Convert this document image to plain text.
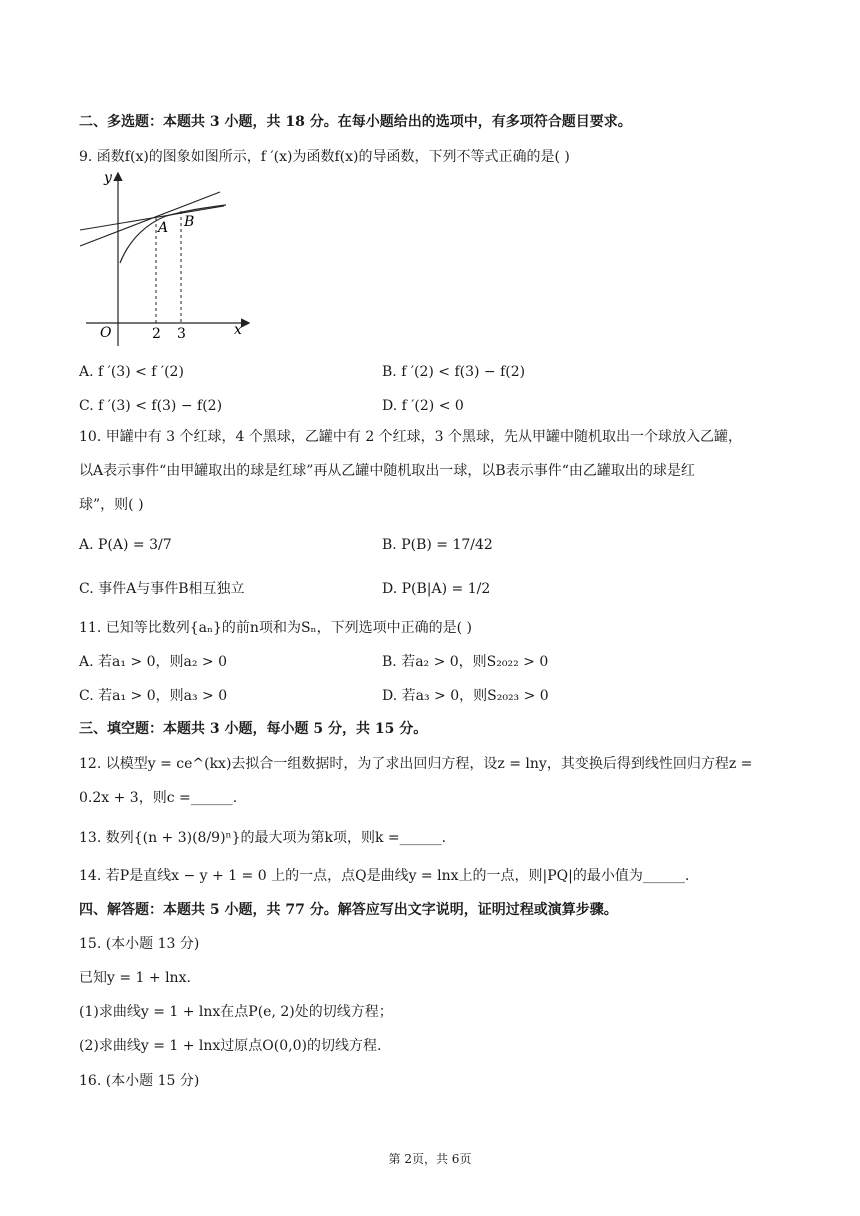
二、多选题：本题共 3 小题，共 18 分。在每小题给出的选项中，有多项符合题目要求。
9. 函数f(x)的图象如图所示，f ′(x)为函数f(x)的导函数，下列不等式正确的是( )
y
x
O	2 3
A B
A. f ′(3) < f ′(2)	B. f ′(2) < f(3) − f(2)
C. f ′(3) < f(3) − f(2)	D. f ′(2) < 0
10. 甲罐中有 3 个红球，4 个黑球，乙罐中有 2 个红球，3 个黑球，先从甲罐中随机取出一个球放入乙罐，
以A表示事件“由甲罐取出的球是红球”再从乙罐中随机取出一球，以B表示事件“由乙罐取出的球是红
球”，则( )
A. P(A) = 3/7	B. P(B) = 17/42
C. 事件A与事件B相互独立	D. P(B|A) = 1/2
11. 已知等比数列{aₙ}的前n项和为Sₙ，下列选项中正确的是( )
A. 若a₁ > 0，则a₂ > 0	B. 若a₂ > 0，则S₂₀₂₂ > 0
C. 若a₁ > 0，则a₃ > 0	D. 若a₃ > 0，则S₂₀₂₃ > 0
三、填空题：本题共 3 小题，每小题 5 分，共 15 分。
12. 以模型y = ce^(kx)去拟合一组数据时，为了求出回归方程，设z = lny，其变换后得到线性回归方程z =
0.2x + 3，则c =______.
13. 数列{(n + 3)(8/9)ⁿ}的最大项为第k项，则k =______.
14. 若P是直线x − y + 1 = 0 上的一点，点Q是曲线y = lnx上的一点，则|PQ|的最小值为______.
四、解答题：本题共 5 小题，共 77 分。解答应写出文字说明，证明过程或演算步骤。
15. (本小题 13 分)
已知y = 1 + lnx.
(1)求曲线y = 1 + lnx在点P(e, 2)处的切线方程；
(2)求曲线y = 1 + lnx过原点O(0,0)的切线方程.
16. (本小题 15 分)
第 2页，共 6页
